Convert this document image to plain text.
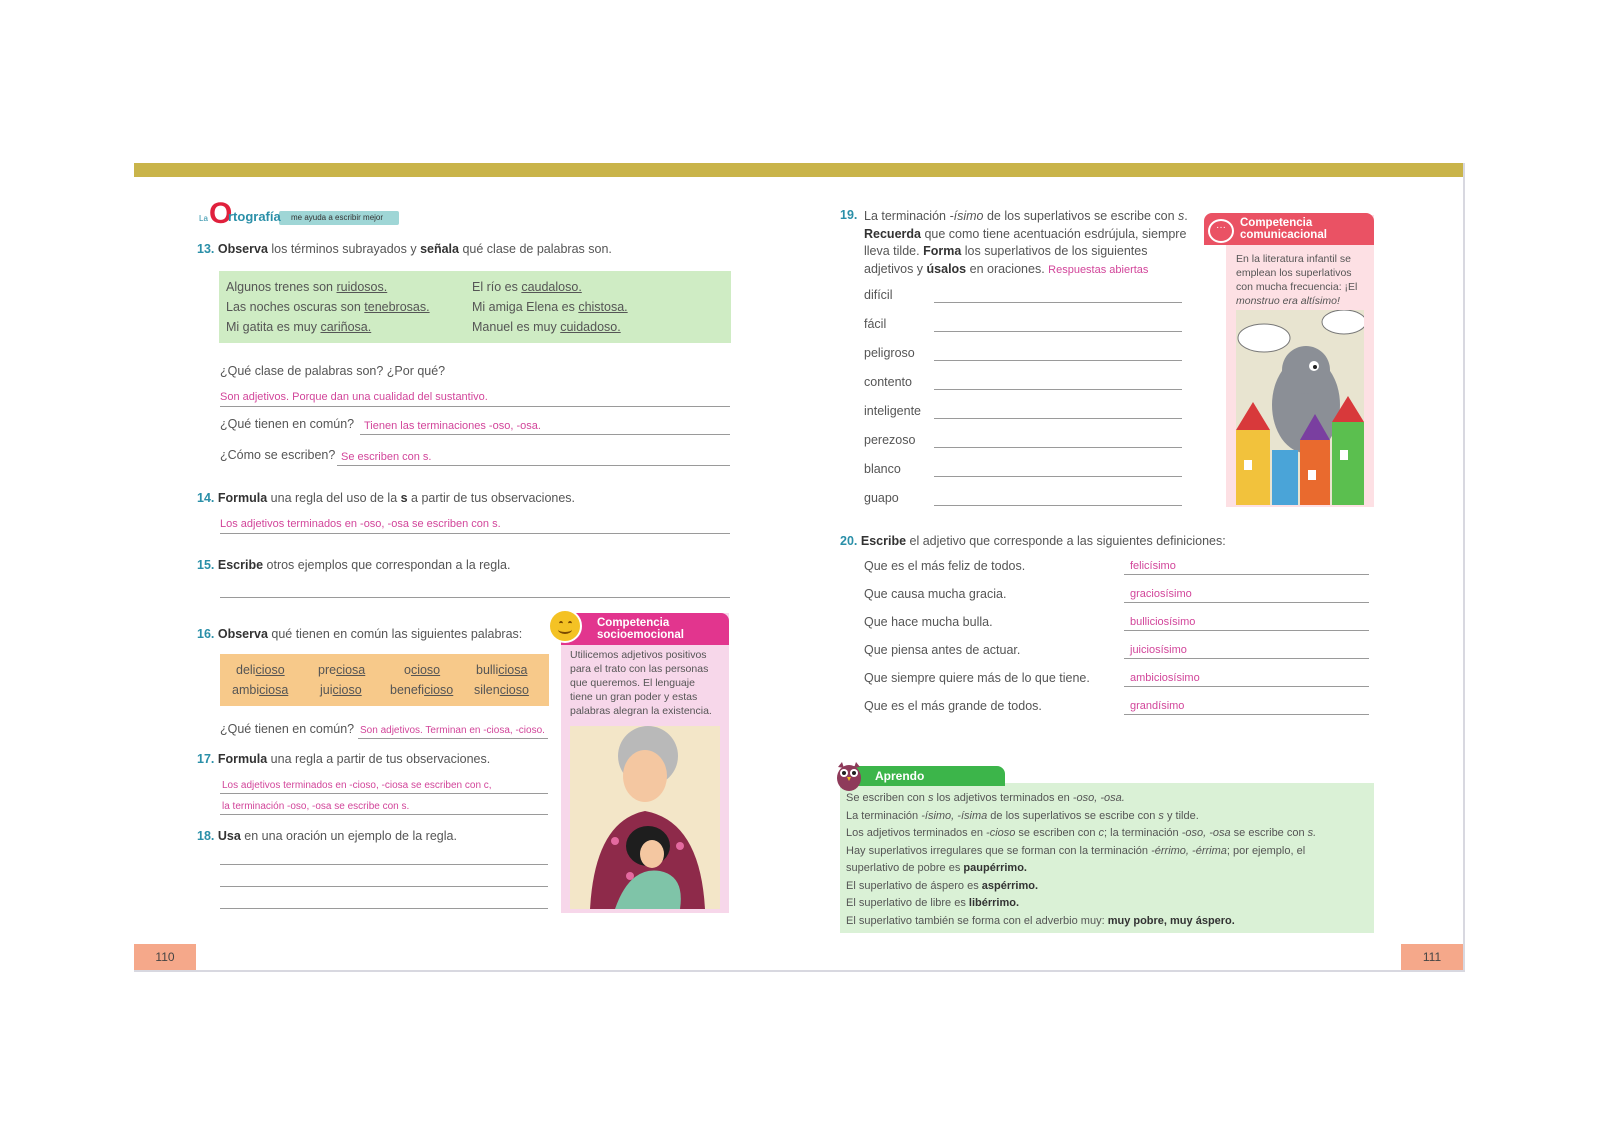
La O
rtografía me ayuda a escribir mejor
13. Observa los términos subrayados y señala qué clase de palabras son.
Algunos trenes son ruidosos.	El río es caudaloso.
Las noches oscuras son tenebrosas.	Mi amiga Elena es chistosa.
Mi gatita es muy cariñosa.	Manuel es muy cuidadoso.
¿Qué clase de palabras son? ¿Por qué?
Son adjetivos. Porque dan una cualidad del sustantivo.
¿Qué tienen en común? Tienen las terminaciones -oso, -osa.
¿Cómo se escriben? Se escriben con s.
14. Formula una regla del uso de la s a partir de tus observaciones.
Los adjetivos terminados en -oso, -osa se escriben con s.
15. Escribe otros ejemplos que correspondan a la regla.
16. Observa qué tienen en común las siguientes palabras:
delicioso	preciosa	ocioso	bulliciosa
ambiciosa	juicioso beneficioso silencioso
¿Qué tienen en común? Son adjetivos. Terminan en -ciosa, -cioso.
17. Formula una regla a partir de tus observaciones.
Los adjetivos terminados en -cioso, -ciosa se escriben con c,
la terminación -oso, -osa se escribe con s.
18. Usa en una oración un ejemplo de la regla.
Competencia
socioemocional
Utilicemos adjetivos positivos
para el trato con las personas
que queremos. El lenguaje
tiene un gran poder y estas
palabras alegran la existencia.
110
19. La terminación -ísimo de los superlativos se escribe con s.
Recuerda que como tiene acentuación esdrújula, siempre
lleva tilde. Forma los superlativos de los siguientes
adjetivos y úsalos en oraciones. Respuestas abiertas
difícil
fácil
peligroso
contento
inteligente
perezoso
blanco
guapo
Competencia
comunicacional
···
En la literatura infantil se
emplean los superlativos
con mucha frecuencia: ¡El
monstruo era altísimo!
20. Escribe el adjetivo que corresponde a las siguientes definiciones:
Que es el más feliz de todos.	felicísimo
Que causa mucha gracia.	graciosísimo
Que hace mucha bulla.	bulliciosísimo
Que piensa antes de actuar.	juiciosísimo
Que siempre quiere más de lo que tiene.	ambiciosísimo
Que es el más grande de todos.	grandísimo
Aprendo
Se escriben con s los adjetivos terminados en -oso, -osa.
La terminación -ísimo, -ísima de los superlativos se escribe con s y tilde.
Los adjetivos terminados en -cioso se escriben con c; la terminación -oso, -osa se escribe con s.
Hay superlativos irregulares que se forman con la terminación -érrimo, -érrima; por ejemplo, el
superlativo de pobre es paupérrimo.
El superlativo de áspero es aspérrimo.
El superlativo de libre es libérrimo.
El superlativo también se forma con el adverbio muy: muy pobre, muy áspero.
111
